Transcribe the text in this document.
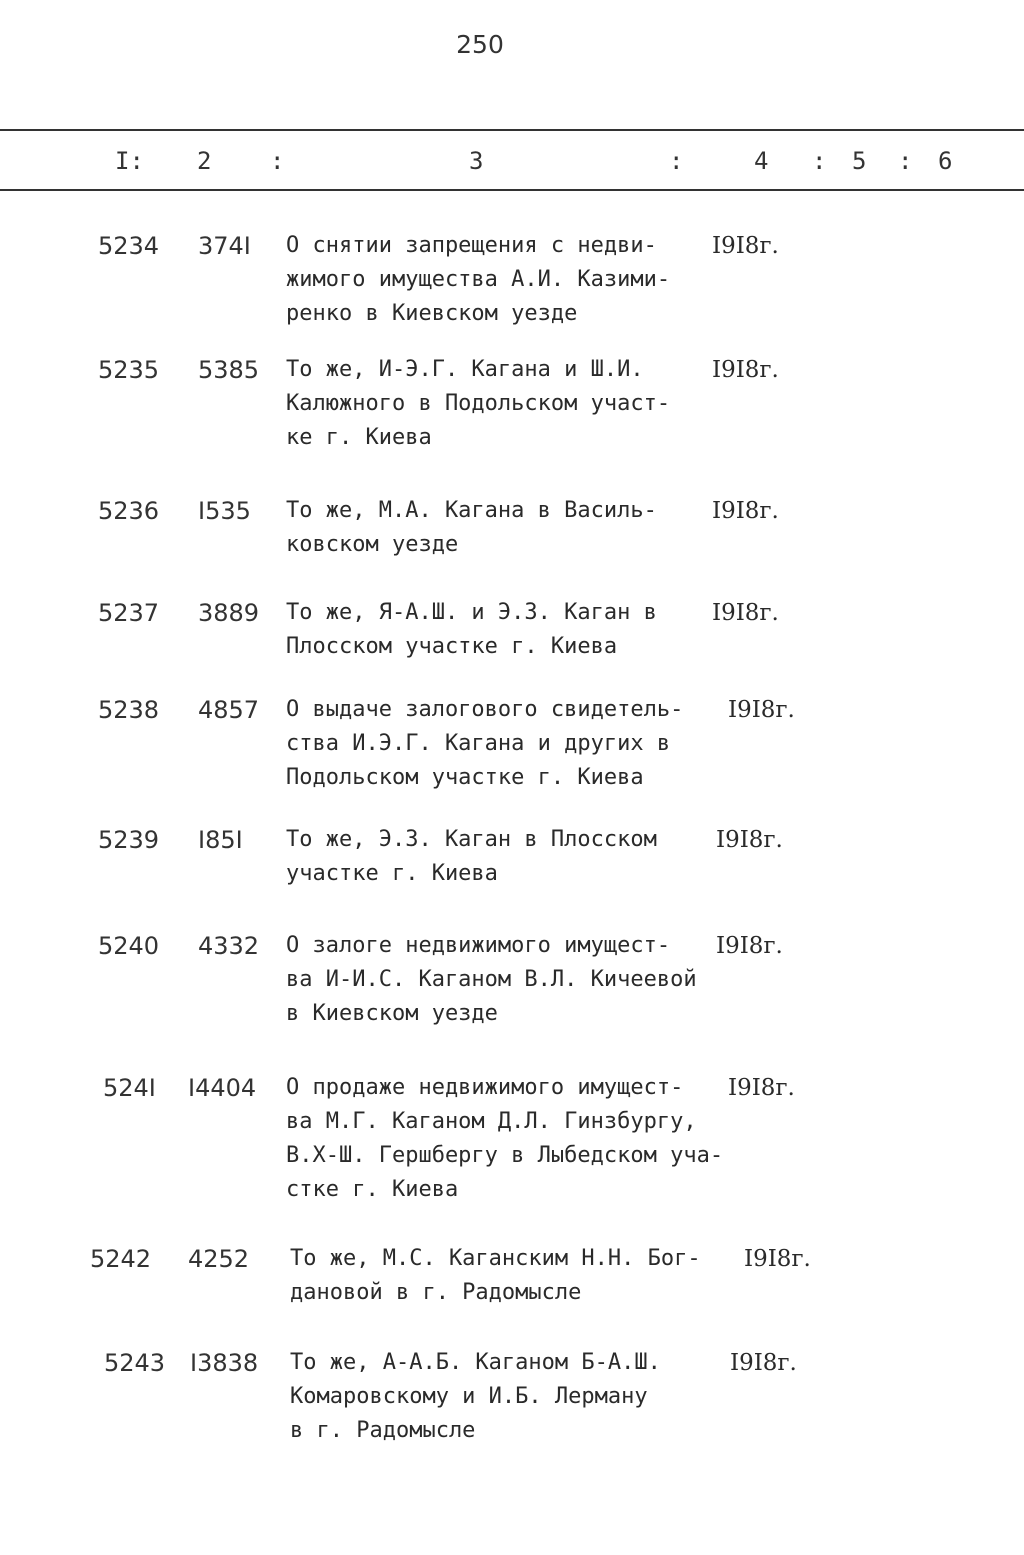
250
I: 2 :	3	:	4 : 5 : 6
5234 374I О снятии запрещения с недви-
жимого имущества А.И. Казими-
ренко в Киевском уезде
I9I8г.
5235 5385 То же, И-Э.Г. Кагана и Ш.И.
Калюжного в Подольском участ-
ке г. Киева
I9I8г.
5236 I535 То же, М.А. Кагана в Василь-
ковском уезде
I9I8г.
5237 3889 То же, Я-А.Ш. и Э.З. Каган в
Плосском участке г. Киева
I9I8г.
5238 4857 О выдаче залогового свидетель-
ства И.Э.Г. Кагана и других в
Подольском участке г. Киева
I9I8г.
5239 I85I То же, Э.З. Каган в Плосском
участке г. Киева
I9I8г.
5240 4332 О залоге недвижимого имущест-
ва И-И.С. Каганом В.Л. Кичеевой
в Киевском уезде
I9I8г.
524I I4404 О продаже недвижимого имущест-
ва М.Г. Каганом Д.Л. Гинзбургу,
В.Х-Ш. Гершбергу в Лыбедском уча-
стке г. Киева
I9I8г.
5242 4252 То же, М.С. Каганским Н.Н. Бог-
дановой в г. Радомысле
I9I8г.
5243 I3838 То же, А-А.Б. Каганом Б-А.Ш.
Комаровскому и И.Б. Лерману
в г. Радомысле
I9I8г.
